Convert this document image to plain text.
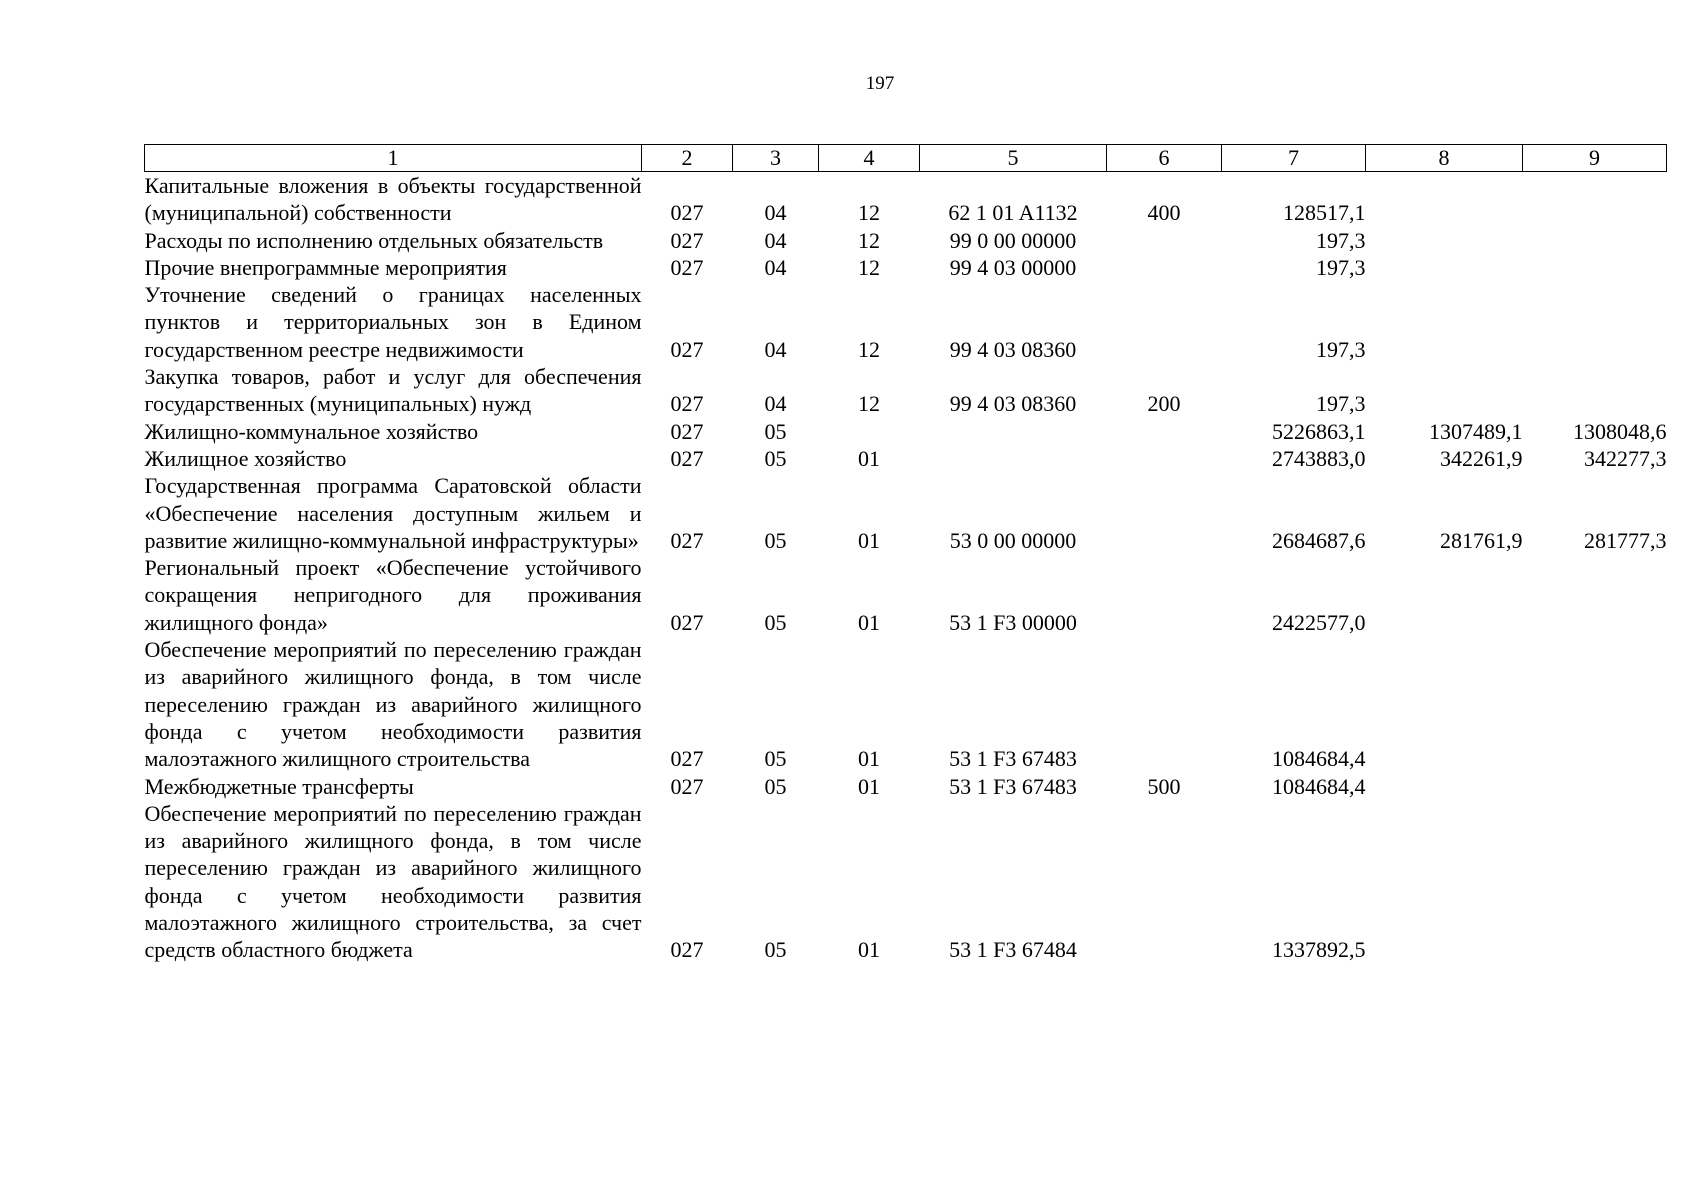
197
1	2	3	4	5	6	7	8	9
Капитальные вложения в объекты государственной (муниципальной) собственности	027	04	12	62 1 01 A1132	400	128517,1		
Расходы по исполнению отдельных обязательств	027	04	12	99 0 00 00000		197,3		
Прочие внепрограммные мероприятия	027	04	12	99 4 03 00000		197,3		
Уточнение сведений о границах населенных пунктов и территориальных зон в Едином государственном реестре недвижимости	027	04	12	99 4 03 08360		197,3		
Закупка товаров, работ и услуг для обеспечения государственных (муниципальных) нужд	027	04	12	99 4 03 08360	200	197,3		
Жилищно-коммунальное хозяйство	027	05				5226863,1	1307489,1	1308048,6
Жилищное хозяйство	027	05	01			2743883,0	342261,9	342277,3
Государственная программа Саратовской области «Обеспечение населения доступным жильем и развитие жилищно-коммунальной инфраструктуры»	027	05	01	53 0 00 00000		2684687,6	281761,9	281777,3
Региональный проект «Обеспечение устойчивого сокращения непригодного для проживания жилищного фонда»	027	05	01	53 1 F3 00000		2422577,0		
Обеспечение мероприятий по переселению граждан из аварийного жилищного фонда, в том числе переселению граждан из аварийного жилищного фонда с учетом необходимости развития малоэтажного жилищного строительства	027	05	01	53 1 F3 67483		1084684,4		
Межбюджетные трансферты	027	05	01	53 1 F3 67483	500	1084684,4		
Обеспечение мероприятий по переселению граждан из аварийного жилищного фонда, в том числе переселению граждан из аварийного жилищного фонда с учетом необходимости развития малоэтажного жилищного строительства, за счет средств областного бюджета	027	05	01	53 1 F3 67484		1337892,5		
